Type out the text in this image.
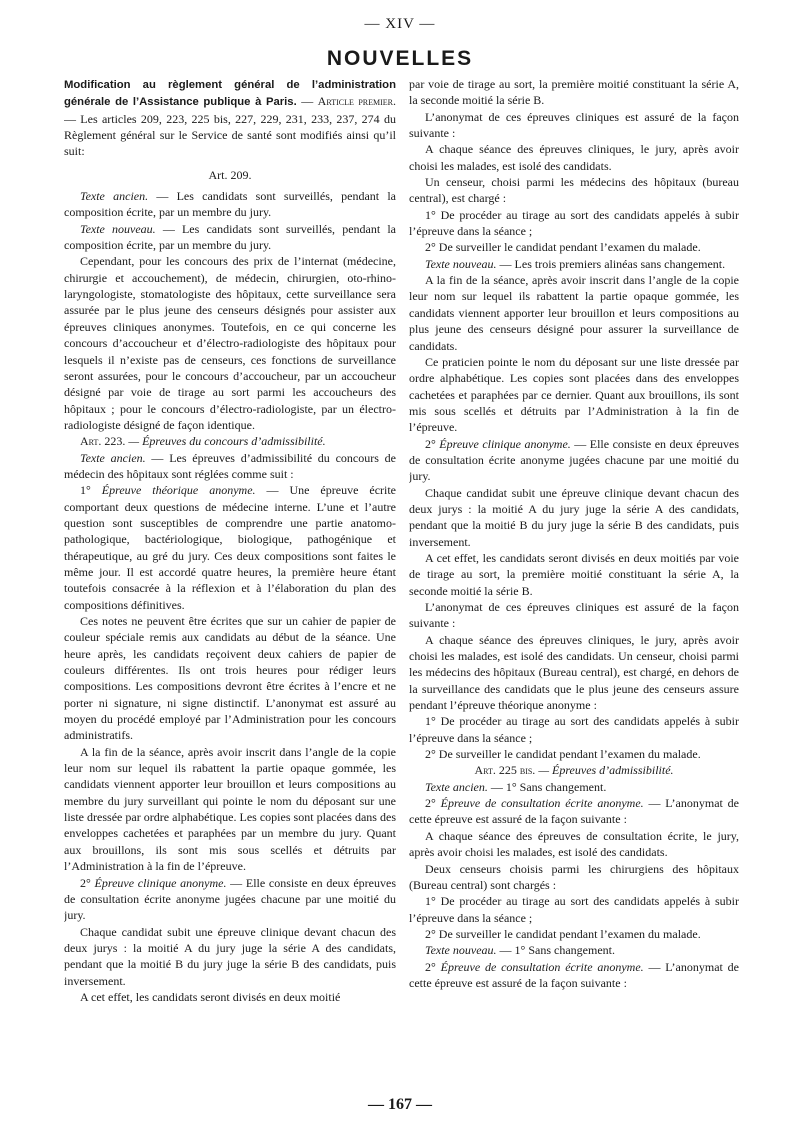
— XIV —
NOUVELLES

Modification au règlement général de l’administration générale de l’Assistance publique à Paris. — Article premier. — Les articles 209, 223, 225 bis, 227, 229, 231, 233, 237, 274 du Règlement général sur le Service de santé sont modifiés ainsi qu’il suit:

Art. 209.

Texte ancien. — Les candidats sont surveillés, pendant la composition écrite, par un membre du jury.

Texte nouveau. — Les candidats sont surveillés, pendant la composition écrite, par un membre du jury.

Cependant, pour les concours des prix de l’internat (médecine, chirurgie et accouchement), de médecin, chirurgien, oto-rhino-laryngologiste, stomatologiste des hôpitaux, cette surveillance sera assurée par le plus jeune des censeurs désignés pour assister aux épreuves cliniques anonymes. Toutefois, en ce qui concerne les concours d’accoucheur et d’électro-radiologiste des hôpitaux pour lesquels il n’existe pas de censeurs, ces fonctions de surveillance seront assurées, pour le concours d’accoucheur, par un accoucheur désigné par voie de tirage au sort parmi les accoucheurs des hôpitaux ; pour le concours d’électro-radiologiste, par un électro-radiologiste désigné de façon identique.

Art. 223. — Épreuves du concours d’admissibilité.

Texte ancien. — Les épreuves d’admissibilité du concours de médecin des hôpitaux sont réglées comme suit :

1° Épreuve théorique anonyme. — Une épreuve écrite comportant deux questions de médecine interne. L’une et l’autre question sont susceptibles de comprendre une partie anatomo-pathologique, bactériologique, biologique, pathogénique et thérapeutique, au gré du jury. Ces deux compositions sont faites le même jour. Il est accordé quatre heures, la première heure étant toutefois consacrée à la réflexion et à l’élaboration du plan des compositions définitives.

Ces notes ne peuvent être écrites que sur un cahier de papier de couleur spéciale remis aux candidats au début de la séance. Une heure après, les candidats reçoivent deux cahiers de papier de couleurs différentes. Ils ont trois heures pour rédiger leurs compositions. Les compositions devront être écrites à l’encre et ne porter ni signature, ni signe distinctif. L’anonymat est assuré au moyen du procédé employé par l’Administration pour les concours administratifs.

A la fin de la séance, après avoir inscrit dans l’angle de la copie leur nom sur lequel ils rabattent la partie opaque gommée, les candidats viennent apporter leur brouillon et leurs compositions au membre du jury surveillant qui pointe le nom du déposant sur une liste dressée par ordre alphabétique. Les copies sont placées dans des enveloppes cachetées et paraphées par un membre du jury. Quant aux brouillons, ils sont mis sous scellés et détruits par l’Administration à la fin de l’épreuve.

2° Épreuve clinique anonyme. — Elle consiste en deux épreuves de consultation écrite anonyme jugées chacune par une moitié du jury.

Chaque candidat subit une épreuve clinique devant chacun des deux jurys : la moitié A du jury juge la série A des candidats, pendant que la moitié B du jury juge la série B des candidats, puis inversement.

A cet effet, les candidats seront divisés en deux moitié

par voie de tirage au sort, la première moitié constituant la série A, la seconde moitié la série B.

L’anonymat de ces épreuves cliniques est assuré de la façon suivante :

A chaque séance des épreuves cliniques, le jury, après avoir choisi les malades, est isolé des candidats.

Un censeur, choisi parmi les médecins des hôpitaux (bureau central), est chargé :

1° De procéder au tirage au sort des candidats appelés à subir l’épreuve dans la séance ;

2° De surveiller le candidat pendant l’examen du malade.

Texte nouveau. — Les trois premiers alinéas sans changement.

A la fin de la séance, après avoir inscrit dans l’angle de la copie leur nom sur lequel ils rabattent la partie opaque gommée, les candidats viennent apporter leur brouillon et leurs compositions au plus jeune des censeurs désigné pour assurer la surveillance de candidats.

Ce praticien pointe le nom du déposant sur une liste dressée par ordre alphabétique. Les copies sont placées dans des enveloppes cachetées et paraphées par ce dernier. Quant aux brouillons, ils sont mis sous scellés et détruits par l’Administration à la fin de l’épreuve.

2° Épreuve clinique anonyme. — Elle consiste en deux épreuves de consultation écrite anonyme jugées chacune par une moitié du jury.

Chaque candidat subit une épreuve clinique devant chacun des deux jurys : la moitié A du jury juge la série A des candidats, pendant que la moitié B du jury juge la série B des candidats, puis inversement.

A cet effet, les candidats seront divisés en deux moitiés par voie de tirage au sort, la première moitié constituant la série A, la seconde moitié la série B.

L’anonymat de ces épreuves cliniques est assuré de la façon suivante :

A chaque séance des épreuves cliniques, le jury, après avoir choisi les malades, est isolé des candidats. Un censeur, choisi parmi les médecins des hôpitaux (Bureau central), est chargé, en dehors de la surveillance des candidats que le plus jeune des censeurs assure pendant l’épreuve théorique anonyme :

1° De procéder au tirage au sort des candidats appelés à subir l’épreuve dans la séance ;

2° De surveiller le candidat pendant l’examen du malade.

Art. 225 bis. — Épreuves d’admissibilité.

Texte ancien. — 1° Sans changement.

2° Épreuve de consultation écrite anonyme. — L’anonymat de cette épreuve est assuré de la façon suivante :

A chaque séance des épreuves de consultation écrite, le jury, après avoir choisi les malades, est isolé des candidats.

Deux censeurs choisis parmi les chirurgiens des hôpitaux (Bureau central) sont chargés :

1° De procéder au tirage au sort des candidats appelés à subir l’épreuve dans la séance ;

2° De surveiller le candidat pendant l’examen du malade.

Texte nouveau. — 1° Sans changement.

2° Épreuve de consultation écrite anonyme. — L’anonymat de cette épreuve est assuré de la façon suivante :

— 167 —
